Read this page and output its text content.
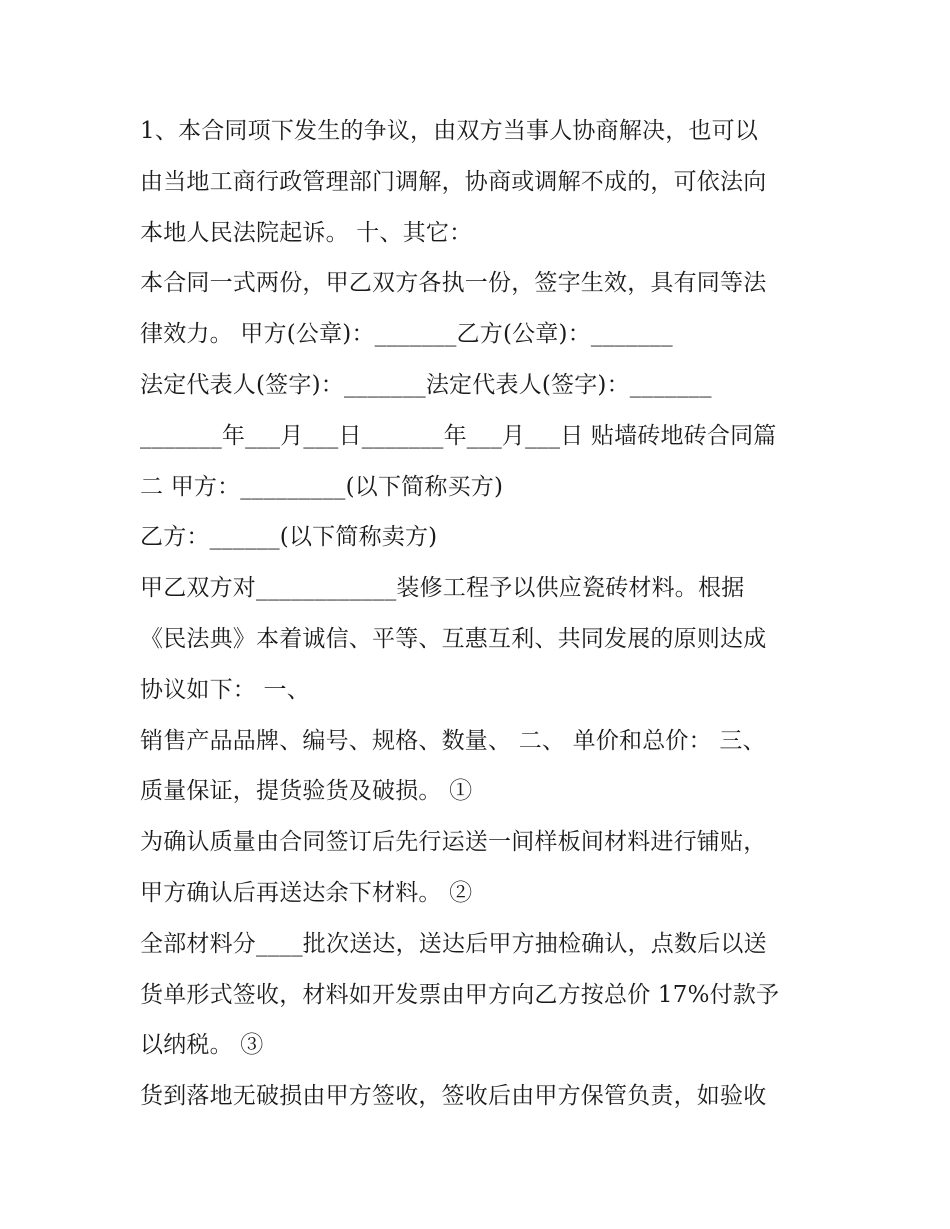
1、本合同项下发生的争议，由双方当事人协商解决，也可以
由当地工商行政管理部门调解，协商或调解不成的，可依法向
本地人民法院起诉。 十、其它：
本合同一式两份，甲乙双方各执一份，签字生效，具有同等法
律效力。 甲方(公章)：_______乙方(公章)：_______
法定代表人(签字)：_______法定代表人(签字)：_______
_______年___月___日_______年___月___日 贴墙砖地砖合同篇
二 甲方：_________(以下简称买方)
乙方：______(以下简称卖方)
甲乙双方对____________装修工程予以供应瓷砖材料。根据
《民法典》本着诚信、平等、互惠互利、共同发展的原则达成
协议如下： 一、
销售产品品牌、编号、规格、数量、 二、 单价和总价： 三、
质量保证，提货验货及破损。 ①
为确认质量由合同签订后先行运送一间样板间材料进行铺贴，
甲方确认后再送达余下材料。 ②
全部材料分____批次送达，送达后甲方抽检确认，点数后以送
货单形式签收，材料如开发票由甲方向乙方按总价 17%付款予
以纳税。 ③
货到落地无破损由甲方签收，签收后由甲方保管负责，如验收
